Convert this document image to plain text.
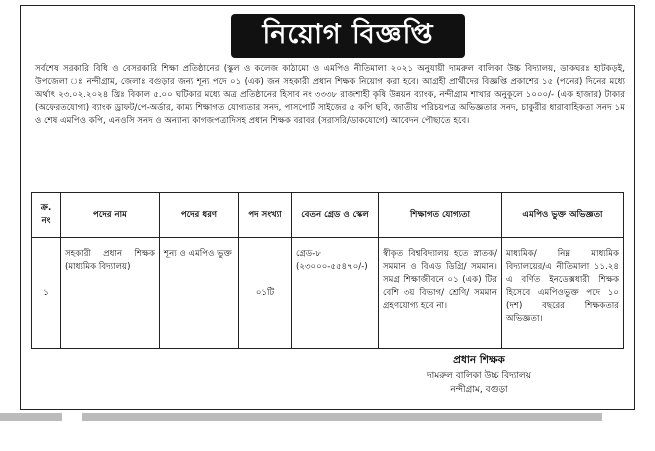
নিয়োগ বিজ্ঞপ্তি
সর্বশেষ সরকারি বিধি ও বেসরকারি শিক্ষা প্রতিষ্ঠানের (স্কুল ও কলেজ কাঠামো ও এমপিও নীতিমালা ২০২১ অনুযায়ী দামরুল বালিকা উচ্চ বিদ্যালয়, ডাকঘরঃ হাটকড়ই, উপজেলা ঃ নন্দীগ্রাম, জেলাঃ বগুড়ার জন্য শূন্য পদে ০১ (এক) জন সহকারী প্রধান শিক্ষক নিয়োগ করা হবে। আগ্রহী প্রার্থীদের বিজ্ঞপ্তি প্রকাশের ১৫ (পনের) দিনের মধ্যে অর্থাৎ ২৩.০২.২০২৪ খ্রিঃ বিকাল ৫.০০ ঘটিকার মধ্যে অত্র প্রতিষ্ঠানের হিসাব নং ৩৩৩৮ রাজশাহী কৃষি উন্নয়ন ব্যাংক, নন্দীগ্রাম শাখার অনুকূলে ১০০০/- (এক হাজার) টাকার (অফেরতযোগ্য) ব্যাংক ড্রাফট/পে-অর্ডার, কাম্য শিক্ষাগত যোগ্যতার সনদ, পাসপোর্ট সাইজের ৫ কপি ছবি, জাতীয় পরিচয়পত্র অভিজ্ঞতার সনদ, চাকুরীর ধারাবাহিকতা সনদ ১ম ও শেষ এমপিও কপি, এনওসি সনদ ও অন্যান্য কাগজপত্রাদিসহ প্রধান শিক্ষক বরাবর (সরাসরি/ডাকযোগে) আবেদন পৌছাতে হবে।
ক্র. নং	পদের নাম	পদের ধরণ	পদ সংখ্যা	বেতন গ্রেড ও স্কেল	শিক্ষাগত যোগ্যতা	এমপিও ভুক্ত অভিজ্ঞতা
১	সহকারী প্রধান শিক্ষক (মাধ্যমিক বিদ্যালয়)	শূন্য ও এমপিও ভুক্ত	০১টি	গ্রেড-৮ (২৩০০০-৫৫৪৭০/-)	স্বীকৃত বিশ্ববিদ্যালয় হতে স্নাতক/ সমমান ও বিএড ডিগ্রি/ সমমান। সমগ্র শিক্ষাজীবনে ০১ (এক) টির বেশি ৩য় বিভাগ/ শ্রেণি/ সমমান গ্রহণযোগ্য হবে না।	মাধ্যমিক/ নিম্ন মাধ্যমিক বিদ্যালয়ের/এ নীতিমালা ১১.২৪ এ বর্ণিত ইনডেক্সধারী শিক্ষক হিসেবে এমপিওভুক্ত পদে ১০ (দশ) বছরের শিক্ষকতার অভিজ্ঞতা।
প্রধান শিক্ষক
দামরুল বালিকা উচ্চ বিদ্যালয়
নন্দীগ্রাম, বগুড়া
